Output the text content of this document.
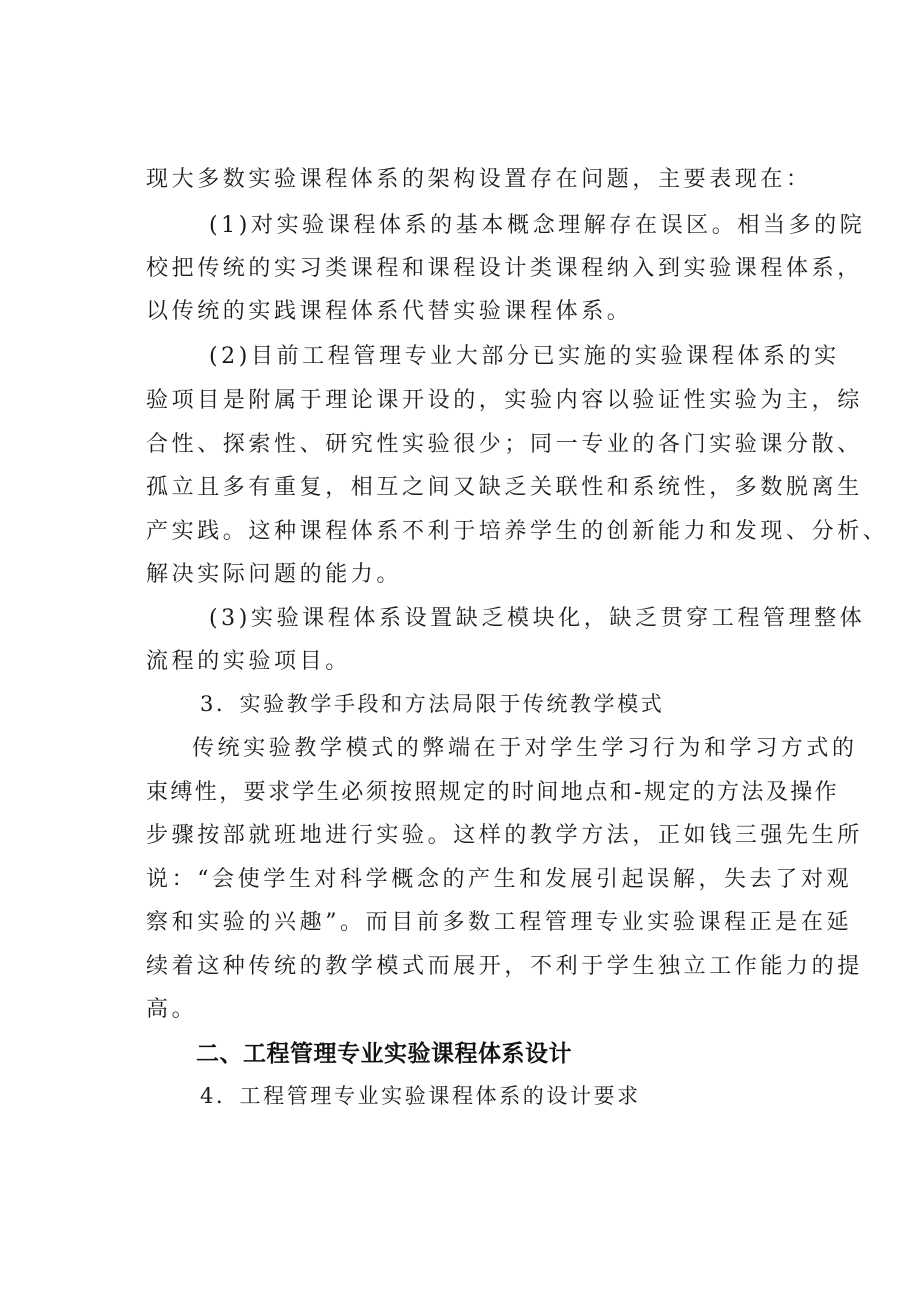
现大多数实验课程体系的架构设置存在问题，主要表现在：
(1)对实验课程体系的基本概念理解存在误区。相当多的院
校把传统的实习类课程和课程设计类课程纳入到实验课程体系，
以传统的实践课程体系代替实验课程体系。
(2)目前工程管理专业大部分已实施的实验课程体系的实
验项目是附属于理论课开设的，实验内容以验证性实验为主，综
合性、探索性、研究性实验很少；同一专业的各门实验课分散、
孤立且多有重复，相互之间又缺乏关联性和系统性，多数脱离生
产实践。这种课程体系不利于培养学生的创新能力和发现、分析、
解决实际问题的能力。
(3)实验课程体系设置缺乏模块化，缺乏贯穿工程管理整体
流程的实验项目。
3．实验教学手段和方法局限于传统教学模式
传统实验教学模式的弊端在于对学生学习行为和学习方式的
束缚性，要求学生必须按照规定的时间地点和-规定的方法及操作
步骤按部就班地进行实验。这样的教学方法，正如钱三强先生所
说：“会使学生对科学概念的产生和发展引起误解，失去了对观
察和实验的兴趣”。而目前多数工程管理专业实验课程正是在延
续着这种传统的教学模式而展开，不利于学生独立工作能力的提
高。
二、工程管理专业实验课程体系设计
4．工程管理专业实验课程体系的设计要求
